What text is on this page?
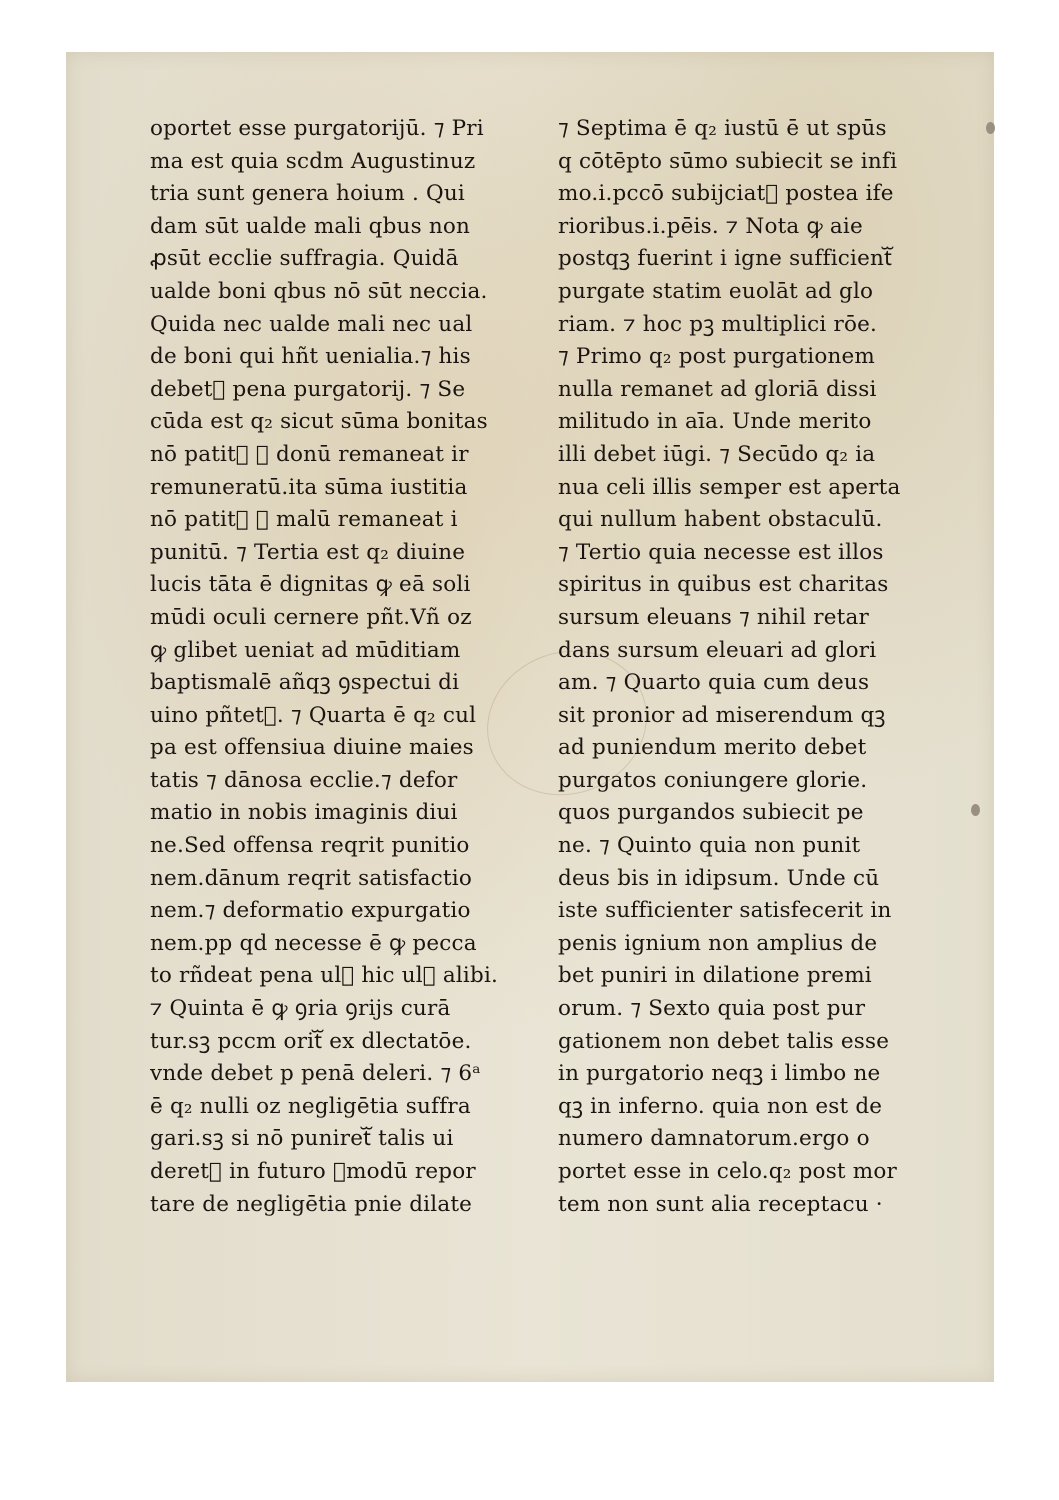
oportet esse purgatorijū. ⁊ Pri
ma est quia scdm Augustinuz
tria sunt genera hoium . Qui
dam sūt ualde mali qbus non
ꝓsūt ecclie suffragia. Quidā
ualde boni qbus nō sūt neccia.
Quida nec ualde mali nec ual
de boni qui hñt uenialia.⁊ his
debetᷓ pena purgatorij. ⁊ Se
cūda est q₂ sicut sūma bonitas
nō patitᷓ ꝙ donū remaneat ir
remuneratū.ita sūma iustitia
nō patitᷓ ꝙ malū remaneat i
punitū. ⁊ Tertia est q₂ diuine
lucis tāta ē dignitas ꝙ eā soli
mūdi oculi cernere pñt.Vñ oz
ꝙ glibet ueniat ad mūditiam
baptismalē añqꝫ ꝯspectui di
uino pñtetᷓ. ⁊ Quarta ē q₂ cul
pa est offensiua diuine maies
tatis ⁊ dānosa ecclie.⁊ defor
matio in nobis imaginis diui
ne.Sed offensa reqrit punitio
nem.dānum reqrit satisfactio
nem.⁊ deformatio expurgatio
nem.pp qd necesse ē ꝙ pecca
to rñdeat pena ulᷓ hic ulᷓ alibi.
⁊ Quinta ē ꝙ ꝯria ꝯrijs curā
tur.sꝫ pccm oritᷓ ex dlectatōe.
vnde debet p penā deleri. ⁊ 6ᵃ
ē q₂ nulli oz negligētia suffra
gari.sꝫ si nō puniretᷓ talis ui
deretᷓ in futuro ꝯmodū repor
tare de negligētia pnie dilate
⁊ Septima ē q₂ iustū ē ut spūs
q cōtēpto sūmo subiecit se infi
mo.i.pccō subijciatᷓ postea ife
rioribus.i.pēis. ⁊ Nota ꝙ aie
postqꝫ fuerint i igne sufficientᷓ
purgate statim euolāt ad glo
riam. ⁊ hoc pꝫ multiplici rōe.
⁊ Primo q₂ post purgationem
nulla remanet ad gloriā dissi
militudo in aīa. Unde merito
illi debet iūgi. ⁊ Secūdo q₂ ia
nua celi illis semper est aperta
qui nullum habent obstaculū.
⁊ Tertio quia necesse est illos
spiritus in quibus est charitas
sursum eleuans ⁊ nihil retar
dans sursum eleuari ad glori
am. ⁊ Quarto quia cum deus
sit pronior ad miserendum qꝫ
ad puniendum merito debet
purgatos coniungere glorie.
quos purgandos subiecit pe
ne. ⁊ Quinto quia non punit
deus bis in idipsum. Unde cū
iste sufficienter satisfecerit in
penis ignium non amplius de
bet puniri in dilatione premi
orum. ⁊ Sexto quia post pur
gationem non debet talis esse
in purgatorio neqꝫ i limbo ne
qꝫ in inferno. quia non est de
numero damnatorum.ergo o
portet esse in celo.q₂ post mor
tem non sunt alia receptacu ·
